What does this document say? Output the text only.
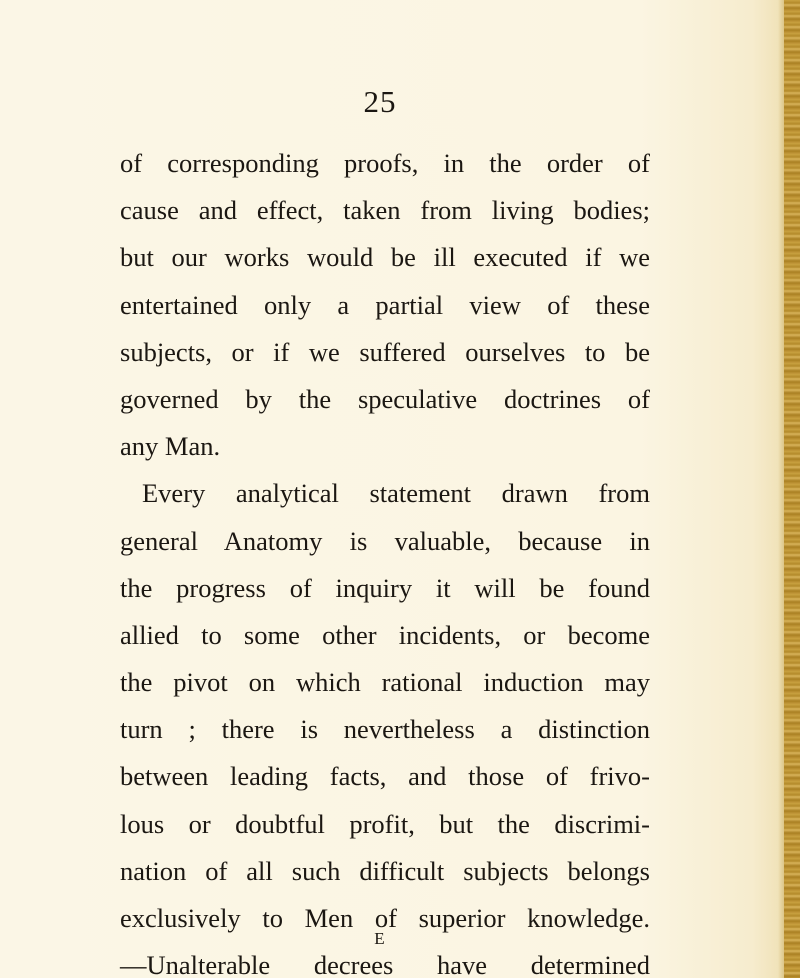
25
of corresponding proofs, in the order of
cause and effect, taken from living bodies;
but our works would be ill executed if we
entertained only a partial view of these
subjects, or if we suffered ourselves to be
governed by the speculative doctrines of
any Man.
Every analytical statement drawn from
general Anatomy is valuable, because in
the progress of inquiry it will be found
allied to some other incidents, or become
the pivot on which rational induction may
turn ; there is nevertheless a distinction
between leading facts, and those of frivo-
lous or doubtful profit, but the discrimi-
nation of all such difficult subjects belongs
exclusively to Men of superior knowledge.
—Unalterable decrees have determined
E
